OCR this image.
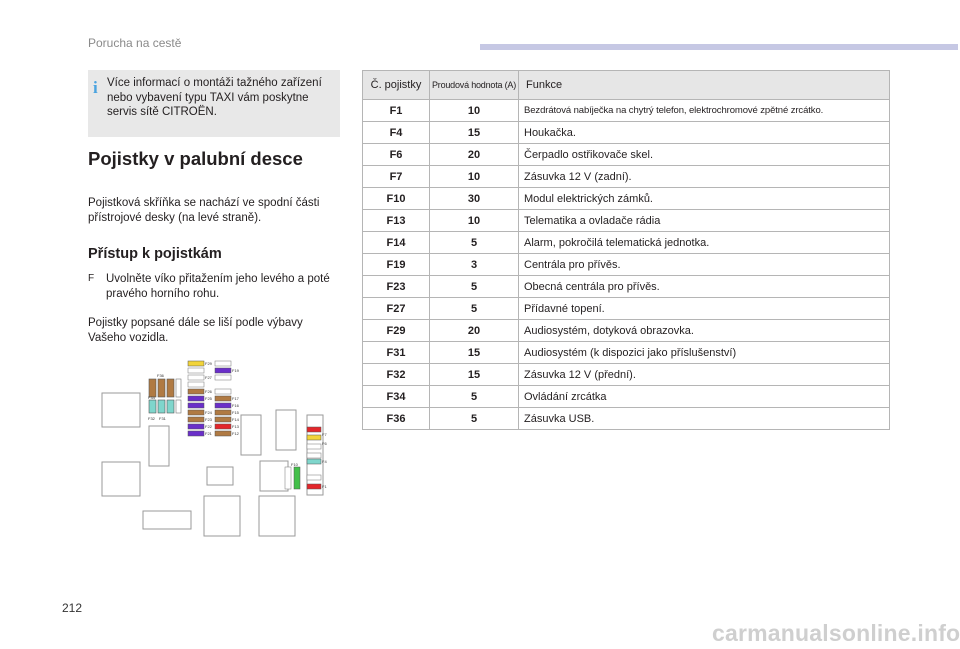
Porucha na cestě
i Více informací o montáži tažného zařízení nebo vybavení typu TAXI vám poskytne servis sítě CITROËN.
Pojistky v palubní desce
Pojistková skříňka se nachází ve spodní části přístrojové desky (na levé straně).
Přístup k pojistkám
F	Uvolněte víko přitažením jeho levého a poté pravého horního rohu.
Pojistky popsané dále se liší podle výbavy Vašeho vozidla.
F36
F34
F32 F31
F29
F27
F26
F25
F24
F23
F22
F21
F19
F17
F16
F15
F14
F13
F12	F7
F6
F4
F10
F1
Č. pojistky	Proudová hodnota (A)	Funkce
F1	10	Bezdrátová nabíječka na chytrý telefon, elektrochromové zpětné zrcátko.
F4	15	Houkačka.
F6	20	Čerpadlo ostřikovače skel.
F7	10	Zásuvka 12 V (zadní).
F10	30	Modul elektrických zámků.
F13	10	Telematika a ovladače rádia
F14	5	Alarm, pokročilá telematická jednotka.
F19	3	Centrála pro přívěs.
F23	5	Obecná centrála pro přívěs.
F27	5	Přídavné topení.
F29	20	Audiosystém, dotyková obrazovka.
F31	15	Audiosystém (k dispozici jako příslušenství)
F32	15	Zásuvka 12 V (přední).
F34	5	Ovládání zrcátka
F36	5	Zásuvka USB.
212
carmanualsonline.info
